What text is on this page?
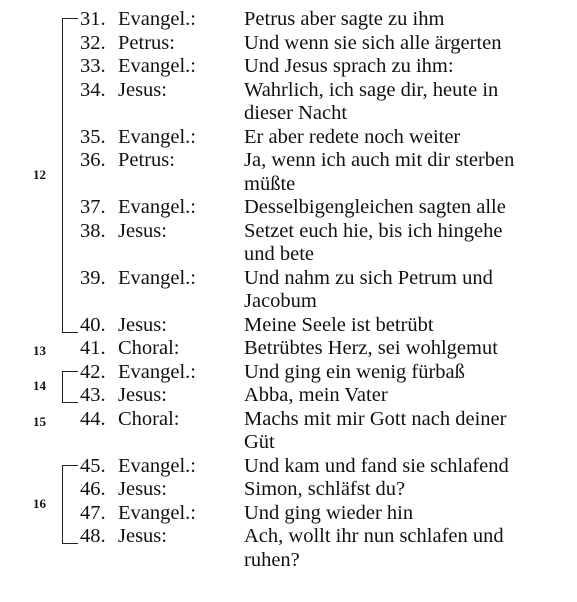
31. Evangel.: Petrus aber sagte zu ihm
32. Petrus:	Und wenn sie sich alle ärgerten
33. Evangel.: Und Jesus sprach zu ihm:
34. Jesus:	Wahrlich, ich sage dir, heute in
dieser Nacht
35. Evangel.: Er aber redete noch weiter
36. Petrus:	Ja, wenn ich auch mit dir sterben
müßte
37. Evangel.: Desselbigengleichen sagten alle
38. Jesus:	Setzet euch hie, bis ich hingehe
und bete
39. Evangel.: Und nahm zu sich Petrum und
Jacobum
40. Jesus:	Meine Seele ist betrübt
41. Choral:	Betrübtes Herz, sei wohlgemut
42. Evangel.: Und ging ein wenig fürbaß
43. Jesus:	Abba, mein Vater
44. Choral:	Machs mit mir Gott nach deiner
Güt
45. Evangel.: Und kam und fand sie schlafend
46. Jesus:	Simon, schläfst du?
47. Evangel.: Und ging wieder hin
48. Jesus:	Ach, wollt ihr nun schlafen und
ruhen?
12
13
14
15
16
